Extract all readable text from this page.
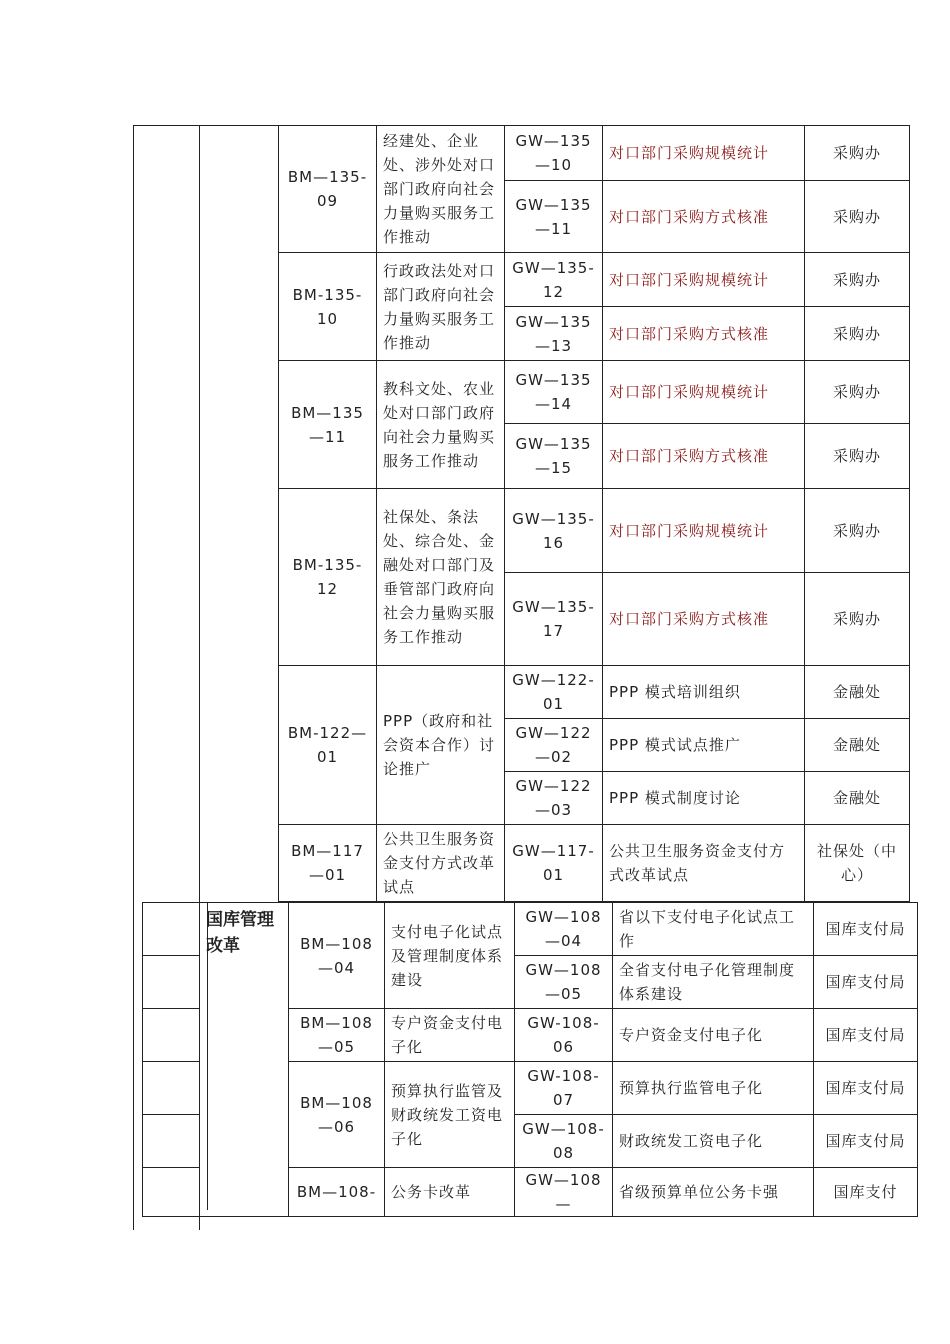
BM—135-09	经建处、企业处、涉外处对口部门政府向社会力量购买服务工作推动	GW—135—10	对口部门采购规模统计	采购办
		GW—135—11	对口部门采购方式核准	采购办
BM-135-10	行政政法处对口部门政府向社会力量购买服务工作推动	GW—135-12	对口部门采购规模统计	采购办
		GW—135—13	对口部门采购方式核准	采购办
BM—135—11	教科文处、农业处对口部门政府向社会力量购买服务工作推动	GW—135—14	对口部门采购规模统计	采购办
		GW—135—15	对口部门采购方式核准	采购办
BM-135-12	社保处、条法处、综合处、金融处对口部门及垂管部门政府向社会力量购买服务工作推动	GW—135-16	对口部门采购规模统计	采购办
		GW—135-17	对口部门采购方式核准	采购办
BM-122—01	PPP（政府和社会资本合作）讨论推广	GW—122-01	PPP 模式培训组织	金融处
		GW—122—02	PPP 模式试点推广	金融处
		GW—122—03	PPP 模式制度讨论	金融处
BM—117—01	公共卫生服务资金支付方式改革试点	GW—117-01	公共卫生服务资金支付方式改革试点	社保处（中心）
	国库管理改革	BM—108—04	支付电子化试点及管理制度体系建设	GW—108—04	省以下支付电子化试点工作	国库支付局
				GW—108—05	全省支付电子化管理制度体系建设	国库支付局
		BM—108—05	专户资金支付电子化	GW-108-06	专户资金支付电子化	国库支付局
		BM—108—06	预算执行监管及财政统发工资电子化	GW-108-07	预算执行监管电子化	国库支付局
				GW—108-08	财政统发工资电子化	国库支付局
		BM—108-	公务卡改革	GW—108—	省级预算单位公务卡强	国库支付
